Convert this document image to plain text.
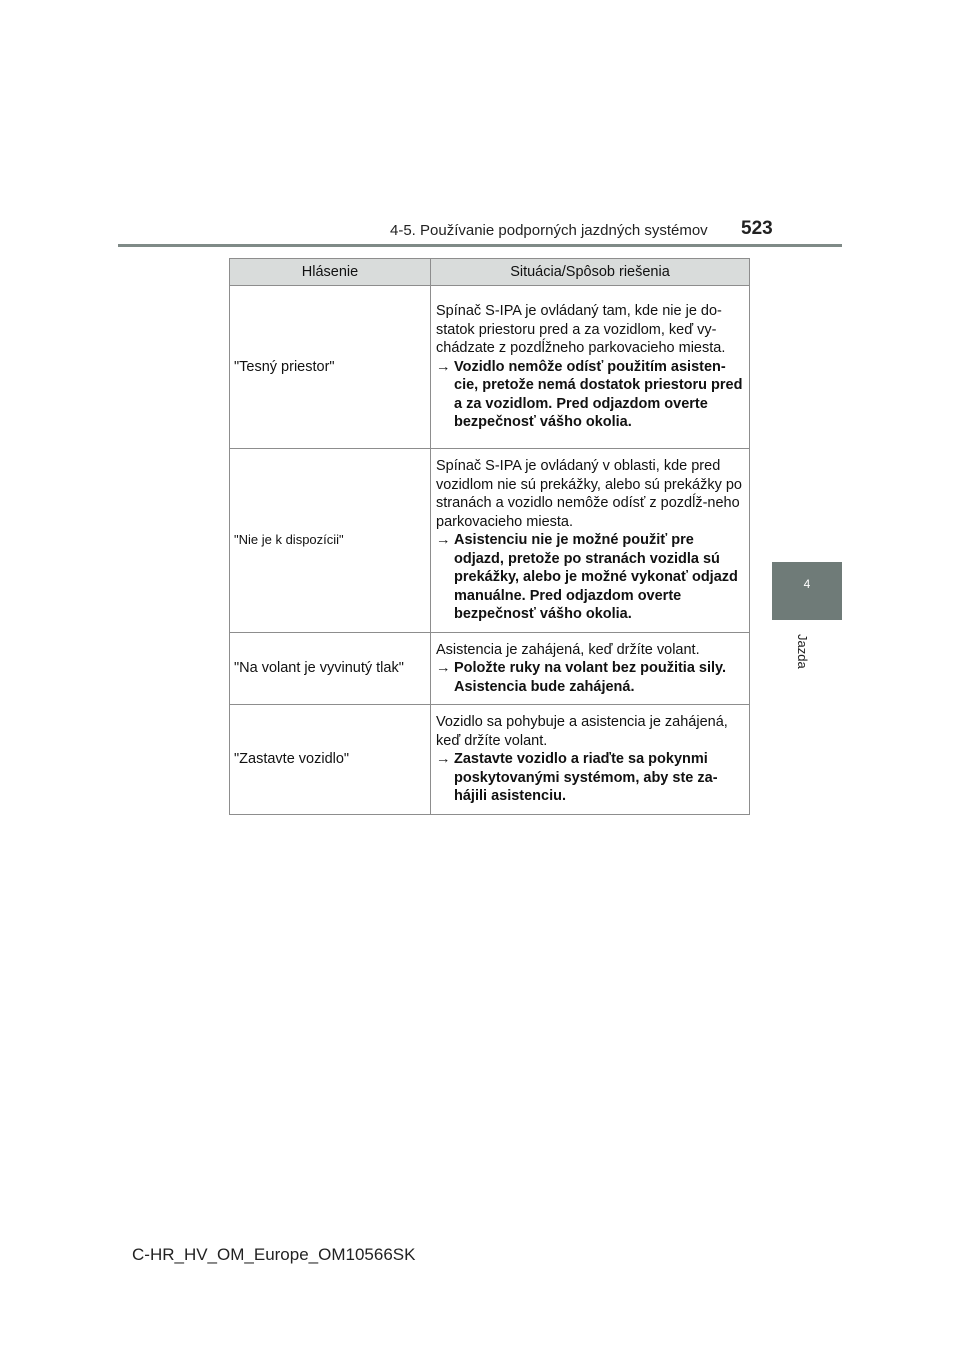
4-5. Používanie podporných jazdných systémov 523
4
Jazda
Hlásenie	Situácia/Spôsob riešenia
"Tesný priestor"	Spínač S-IPA je ovládaný tam, kde nie je do-statok priestoru pred a za vozidlom, keď vy-chádzate z pozdĺžneho parkovacieho miesta.
→ Vozidlo nemôže odísť použitím asisten-cie, pretože nemá dostatok priestoru pred a za vozidlom. Pred odjazdom overte bezpečnosť vášho okolia.

"Nie je k dispozícii"	Spínač S-IPA je ovládaný v oblasti, kde pred vozidlom nie sú prekážky, alebo sú prekážky po stranách a vozidlo nemôže odísť z pozdĺž-neho parkovacieho miesta.
→ Asistenciu nie je možné použiť pre odjazd, pretože po stranách vozidla sú prekážky, alebo je možné vykonať odjazd manuálne. Pred odjazdom overte bezpečnosť vášho okolia.

"Na volant je vyvinutý tlak"	Asistencia je zahájená, keď držíte volant.
→ Položte ruky na volant bez použitia sily. Asistencia bude zahájená.

"Zastavte vozidlo"	Vozidlo sa pohybuje a asistencia je zahájená, keď držíte volant.
→ Zastavte vozidlo a riaďte sa pokynmi poskytovanými systémom, aby ste za-hájili asistenciu.
C-HR_HV_OM_Europe_OM10566SK
